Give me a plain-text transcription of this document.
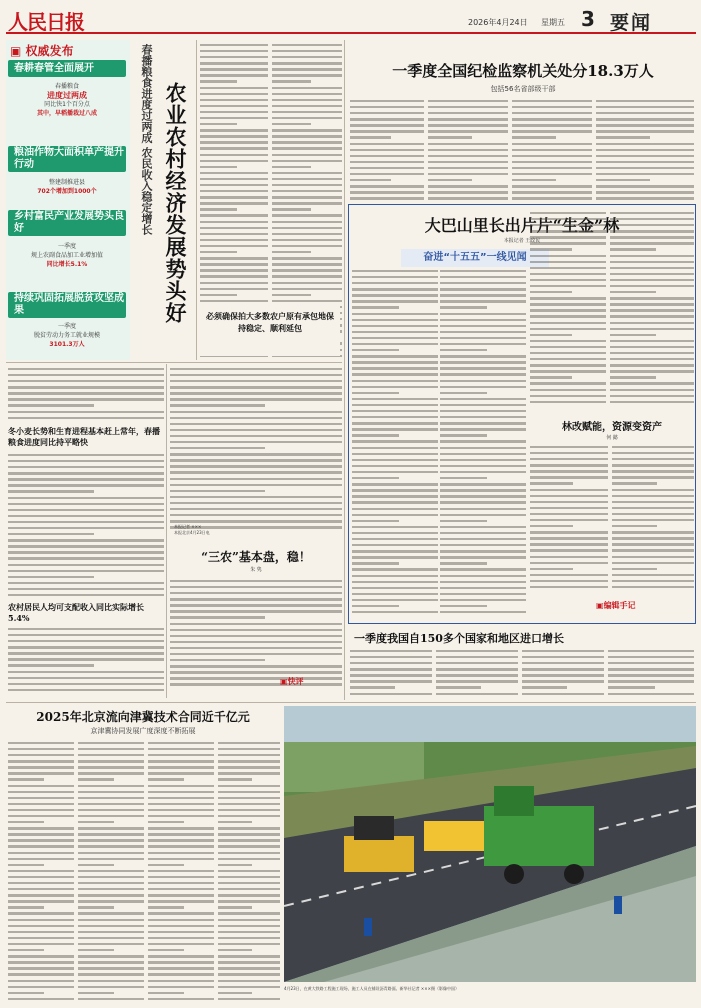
人民日报	2026年4月24日 星期五 3 要闻
▣ 权威发布
春耕春管全面展开
春播粮食
进度过两成
同比快1个百分点
其中，早稻播栽过八成
粮油作物大面积单产提升行动
整建制推进县
702个增加到1000个
乡村富民产业发展势头良好
一季度
规上农副食品加工业增加值
同比增长5.1%
持续巩固拓展脱贫攻坚成果
一季度
脱贫劳动力务工就业规模
3101.3万人
农业农村经济发展势头好
春播粮食进度过两成 农民收入稳定增长
必须确保拍大多数农户原有承包地保持稳定、顺利延包
冬小麦长势和生育进程基本赶上常年，春播粮食进度同比持平略快
农村居民人均可支配收入同比实际增长5.4%
本报记者 ×××
本报北京4月23日电
“三农”基本盘，稳！
朱 隽
▣快评
一季度全国纪检监察机关处分18.3万人
包括56名省部级干部
大巴山里长出片片“生金”林
本报记者 王政民
奋进“十五五”一线见闻
林改赋能，资源变资产
何 懿
▣编辑手记
一季度我国自150多个国家和地区进口增长
2025年北京流向津冀技术合同近千亿元
京津冀协同发展广度深度不断拓展
4月23日，在黄大铁路工程施工现场，施工人员在铺设沥青路面。新华社记者 ×××摄（影像中国）
